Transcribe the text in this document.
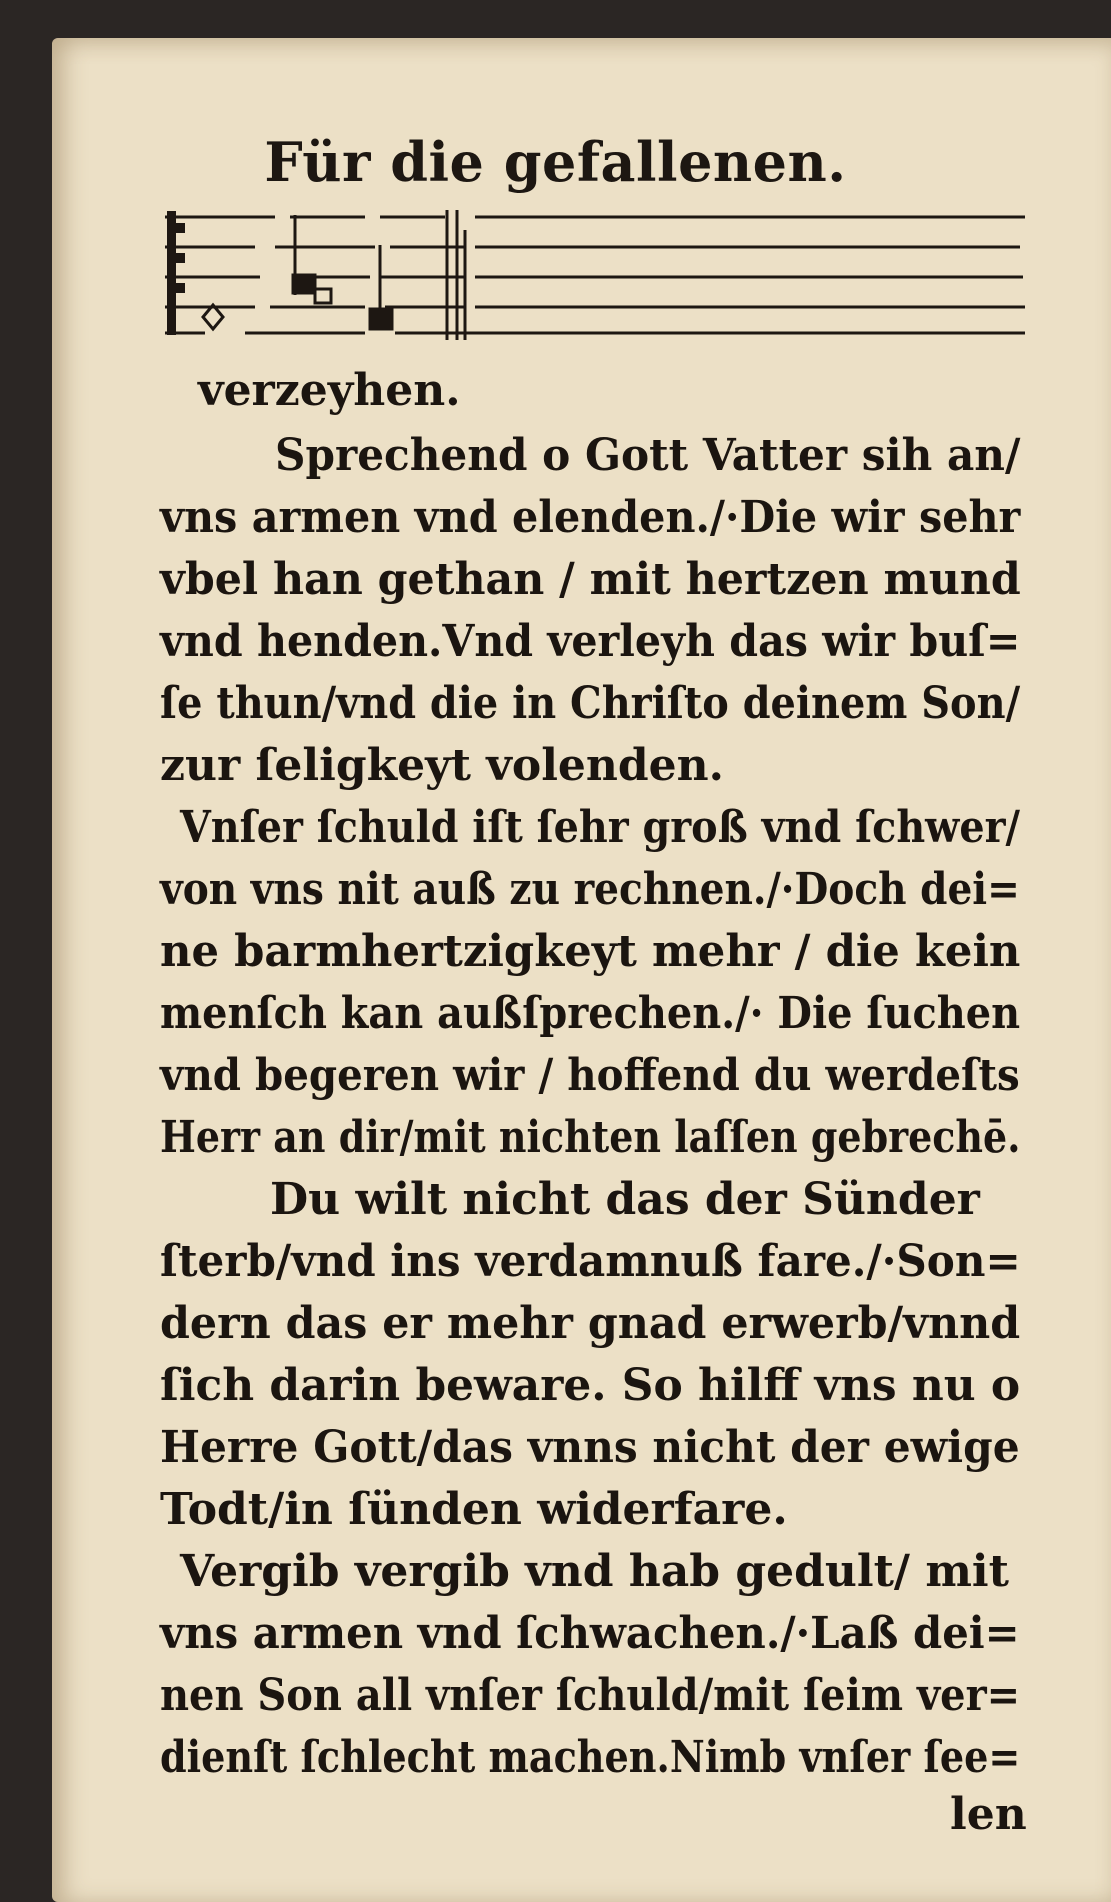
Für die gefallenen.
verzeyhen.
Sprechend o Gott Vatter sih an/
vns armen vnd elenden./·Die wir sehr
vbel han gethan / mit hertzen mund
vnd henden.Vnd verleyh das wir buſ=
ſe thun/vnd die in Chriſto deinem Son/
zur ſeligkeyt volenden.
Vnſer ſchuld iſt ſehr groß vnd ſchwer/
von vns nit auß zu rechnen./·Doch dei=
ne barmhertzigkeyt mehr / die kein
menſch kan außſprechen./· Die ſuchen
vnd begeren wir / hoffend du werdeſts
Herr an dir/mit nichten laſſen gebrechē.
Du wilt nicht das der Sünder
ſterb/vnd ins verdamnuß fare./·Son=
dern das er mehr gnad erwerb/vnnd
ſich darin beware. So hilff vns nu o
Herre Gott/das vnns nicht der ewige
Todt/in ſünden widerfare.
Vergib vergib vnd hab gedult/ mit
vns armen vnd ſchwachen./·Laß dei=
nen Son all vnſer ſchuld/mit ſeim ver=
dienſt ſchlecht machen.Nimb vnſer ſee=
len
